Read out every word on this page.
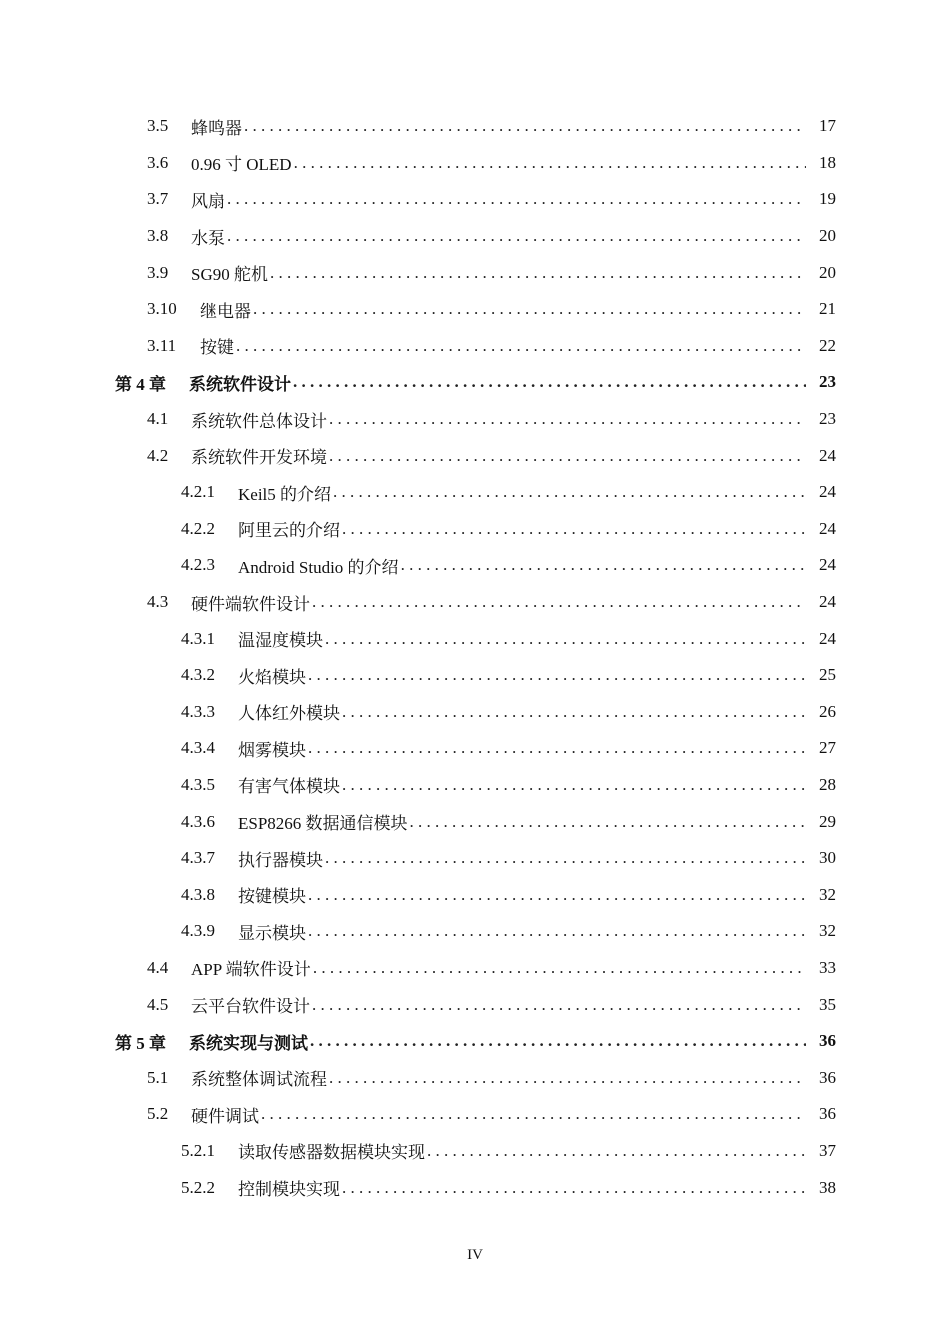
3.5	蜂鸣器 . . .	17
3.6	0.96 寸 OLED . . .	18
3.7	风扇 . . .	19
3.8	水泵 . . .	20
3.9	SG90 舵机 . . .	20
3.10	继电器 . . .	21
3.11	按键 . . .	22
第 4 章	系统软件设计 . . .	23
4.1	系统软件总体设计 . . .	23
4.2	系统软件开发环境 . . .	24
4.2.1	Keil5 的介绍 . . .	24
4.2.2	阿里云的介绍 . . .	24
4.2.3	Android Studio 的介绍 . . .	24
4.3	硬件端软件设计 . . .	24
4.3.1	温湿度模块 . . .	24
4.3.2	火焰模块 . . .	25
4.3.3	人体红外模块 . . .	26
4.3.4	烟雾模块 . . .	27
4.3.5	有害气体模块 . . .	28
4.3.6	ESP8266 数据通信模块 . . .	29
4.3.7	执行器模块 . . .	30
4.3.8	按键模块 . . .	32
4.3.9	显示模块 . . .	32
4.4	APP 端软件设计 . . .	33
4.5	云平台软件设计 . . .	35
第 5 章	系统实现与测试 . . .	36
5.1	系统整体调试流程 . . .	36
5.2	硬件调试 . . .	36
5.2.1	读取传感器数据模块实现 . . .	37
5.2.2	控制模块实现 . . .	38
IV
